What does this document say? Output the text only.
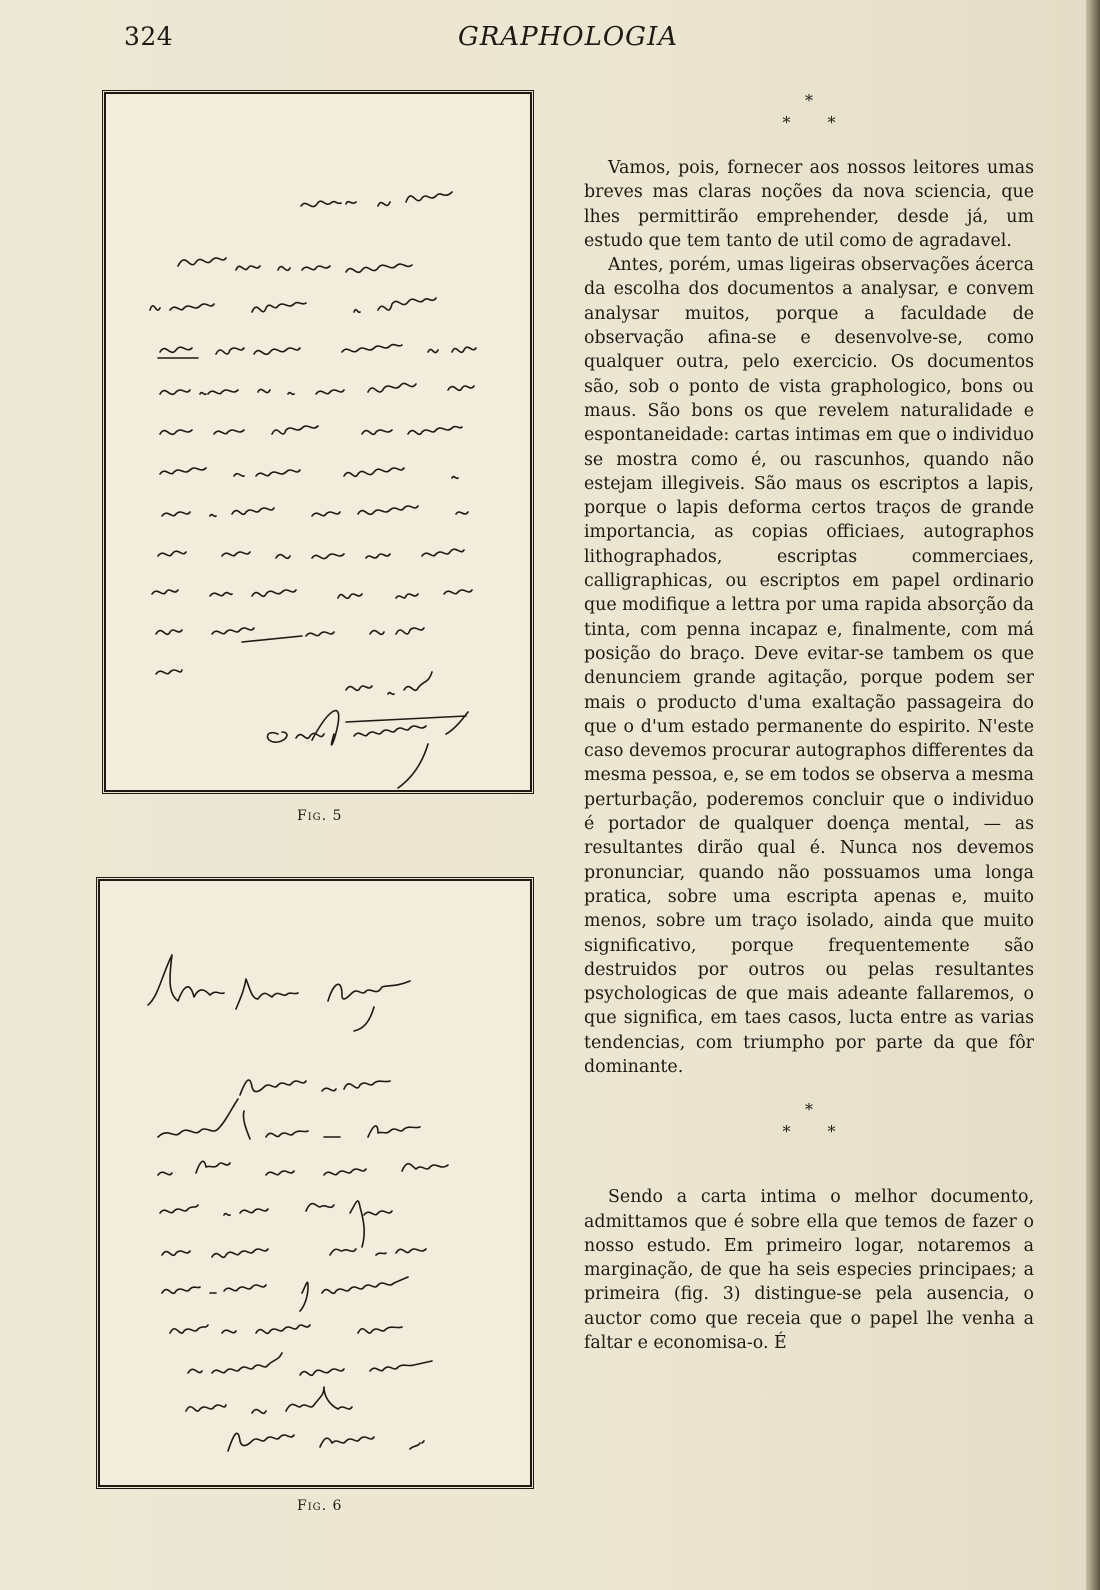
324	GRAPHOLOGIA
Fig. 5
Fig. 6
*
* *

Vamos, pois, fornecer aos nossos leitores umas breves mas claras noções da nova sciencia, que lhes permittirão emprehender, desde já, um estudo que tem tanto de util como de agradavel.

Antes, porém, umas ligeiras observações ácerca da escolha dos documentos a analysar, e convem analysar muitos, porque a faculdade de observação afina-se e desenvolve-se, como qualquer outra, pelo exercicio. Os documentos são, sob o ponto de vista graphologico, bons ou maus. São bons os que revelem naturalidade e espontaneidade: cartas intimas em que o individuo se mostra como é, ou rascunhos, quando não estejam illegiveis. São maus os escriptos a lapis, porque o lapis deforma certos traços de grande importancia, as copias officiaes, autographos lithographados, escriptas commerciaes, calligraphicas, ou escriptos em papel ordinario que modifique a lettra por uma rapida absorção da tinta, com penna incapaz e, finalmente, com má posição do braço. Deve evitar-se tambem os que denunciem grande agitação, porque podem ser mais o producto d'uma exaltação passageira do que o d'um estado permanente do espirito. N'este caso devemos procurar autographos differentes da mesma pessoa, e, se em todos se observa a mesma perturbação, poderemos concluir que o individuo é portador de qualquer doença mental, — as resultantes dirão qual é. Nunca nos devemos pronunciar, quando não possuamos uma longa pratica, sobre uma escripta apenas e, muito menos, sobre um traço isolado, ainda que muito significativo, porque frequentemente são destruidos por outros ou pelas resultantes psychologicas de que mais adeante fallaremos, o que significa, em taes casos, lucta entre as varias tendencias, com triumpho por parte da que fôr dominante.

*
* *

Sendo a carta intima o melhor documento, admittamos que é sobre ella que temos de fazer o nosso estudo. Em primeiro logar, notaremos a marginação, de que ha seis especies principaes; a primeira (fig. 3) distingue-se pela ausencia, o auctor como que receia que o papel lhe venha a faltar e economisa-o. É
